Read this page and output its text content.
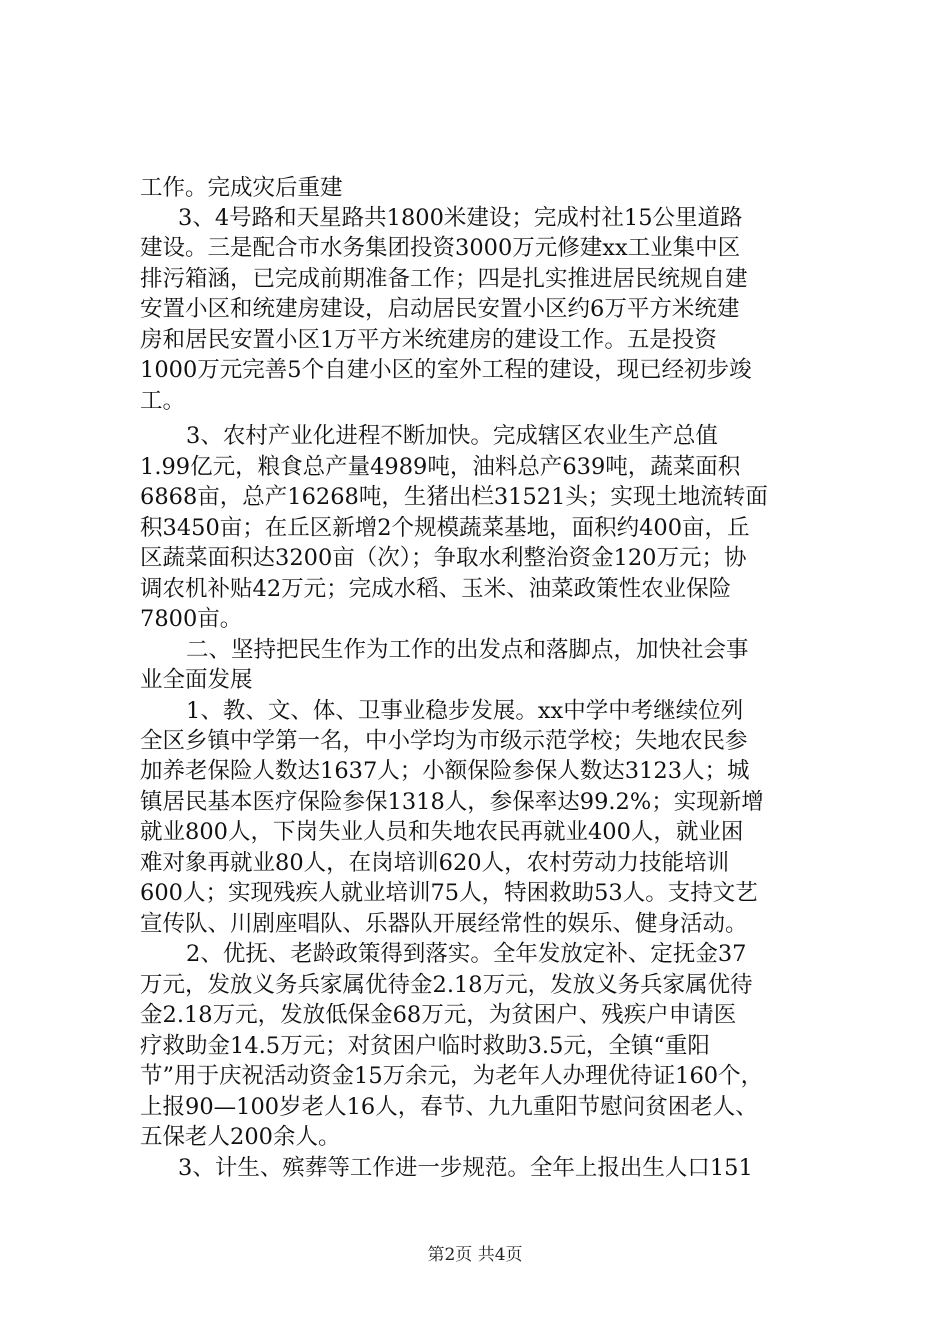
工作。完成灾后重建
3、4号路和天星路共1800米建设；完成村社15公里道路
建设。三是配合市水务集团投资3000万元修建xx工业集中区
排污箱涵，已完成前期准备工作；四是扎实推进居民统规自建
安置小区和统建房建设，启动居民安置小区约6万平方米统建
房和居民安置小区1万平方米统建房的建设工作。五是投资
1000万元完善5个自建小区的室外工程的建设，现已经初步竣
工。
3、农村产业化进程不断加快。完成辖区农业生产总值
1.99亿元，粮食总产量4989吨，油料总产639吨，蔬菜面积
6868亩，总产16268吨，生猪出栏31521头；实现土地流转面
积3450亩；在丘区新增2个规模蔬菜基地，面积约400亩，丘
区蔬菜面积达3200亩（次）；争取水利整治资金120万元；协
调农机补贴42万元；完成水稻、玉米、油菜政策性农业保险
7800亩。
二、坚持把民生作为工作的出发点和落脚点，加快社会事
业全面发展
1、教、文、体、卫事业稳步发展。xx中学中考继续位列
全区乡镇中学第一名，中小学均为市级示范学校；失地农民参
加养老保险人数达1637人；小额保险参保人数达3123人；城
镇居民基本医疗保险参保1318人，参保率达99.2%；实现新增
就业800人，下岗失业人员和失地农民再就业400人，就业困
难对象再就业80人，在岗培训620人，农村劳动力技能培训
600人；实现残疾人就业培训75人，特困救助53人。支持文艺
宣传队、川剧座唱队、乐器队开展经常性的娱乐、健身活动。
2、优抚、老龄政策得到落实。全年发放定补、定抚金37
万元，发放义务兵家属优待金2.18万元，发放义务兵家属优待
金2.18万元，发放低保金68万元，为贫困户、残疾户申请医
疗救助金14.5万元；对贫困户临时救助3.5元，全镇“重阳
节”用于庆祝活动资金15万余元，为老年人办理优待证160个，
上报90—100岁老人16人，春节、九九重阳节慰问贫困老人、
五保老人200余人。
3、计生、殡葬等工作进一步规范。全年上报出生人口151
第2页 共4页
